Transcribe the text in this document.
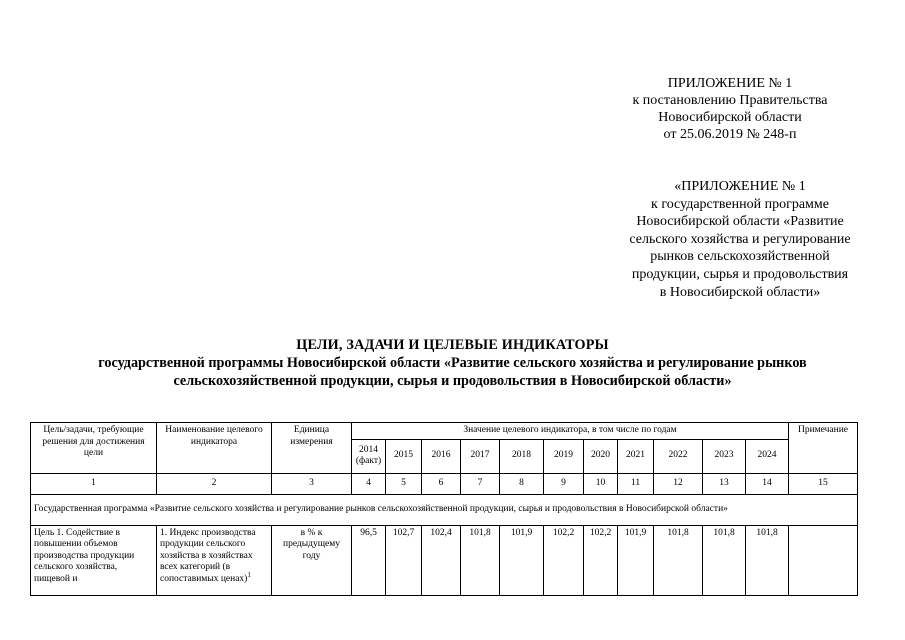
ПРИЛОЖЕНИЕ № 1
к постановлению Правительства
Новосибирской области
от 25.06.2019 № 248-п
«ПРИЛОЖЕНИЕ № 1
к государственной программе
Новосибирской области «Развитие
сельского хозяйства и регулирование
рынков сельскохозяйственной
продукции, сырья и продовольствия
в Новосибирской области»
ЦЕЛИ, ЗАДАЧИ И ЦЕЛЕВЫЕ ИНДИКАТОРЫ
государственной программы Новосибирской области «Развитие сельского хозяйства и регулирование рынков
сельскохозяйственной продукции, сырья и продовольствия в Новосибирской области»
Цель/задачи, требующие решения для достижения цели	Наименование целевого индикатора	Единица измерения	Значение целевого индикатора, в том числе по годам											Примечание
			2014 (факт)	2015	2016	2017	2018	2019	2020	2021	2022	2023	2024	
1	2	3	4	5	6	7	8	9	10	11	12	13	14	15
Государственная программа «Развитие сельского хозяйства и регулирование рынков сельскохозяйственной продукции, сырья и продовольствия в Новосибирской области»														
Цель 1. Содействие в повышении объемов производства продукции сельского хозяйства, пищевой и	1. Индекс производства продукции сельского хозяйства в хозяйствах всех категорий (в сопоставимых ценах)$^1$	в % к предыдущему году	96,5	102,7	102,4	101,8	101,9	102,2	102,2	101,9	101,8	101,8	101,8	
